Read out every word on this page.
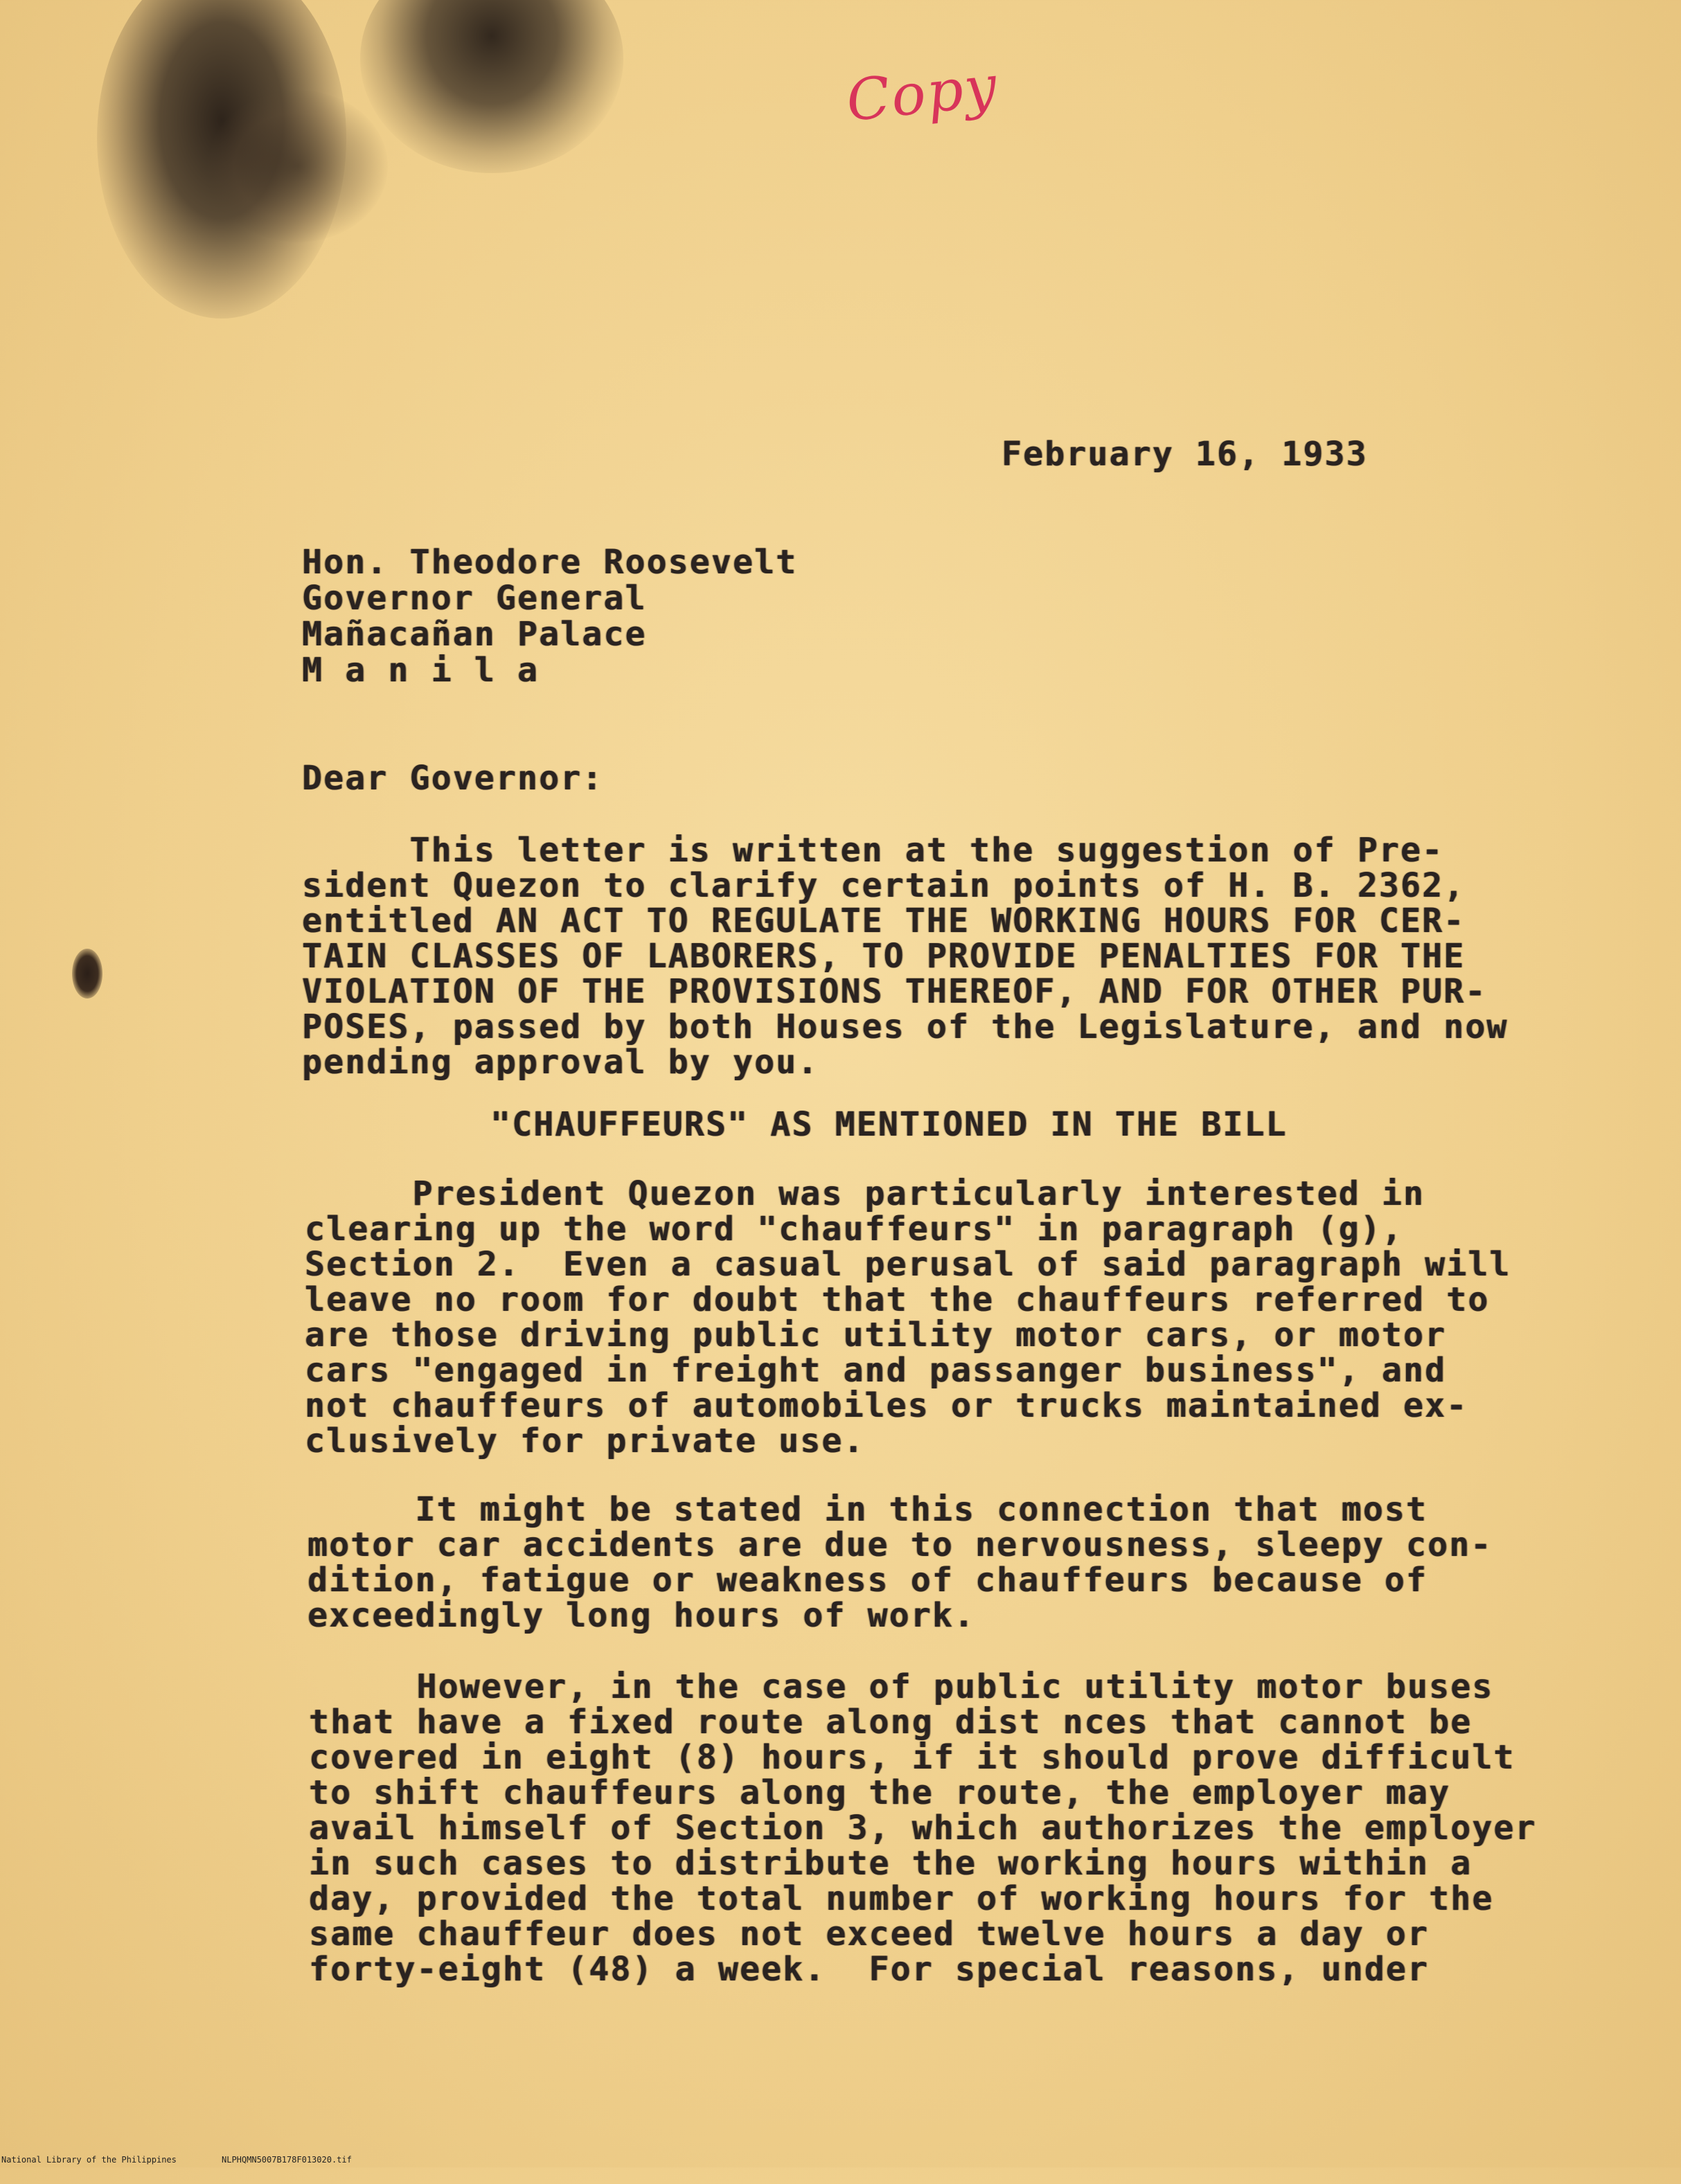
Copy
February 16, 1933
Hon. Theodore Roosevelt
Governor General
Mañacañan Palace
M a n i l a
Dear Governor:
This letter is written at the suggestion of Pre-
sident Quezon to clarify certain points of H. B. 2362,
entitled AN ACT TO REGULATE THE WORKING HOURS FOR CER-
TAIN CLASSES OF LABORERS, TO PROVIDE PENALTIES FOR THE
VIOLATION OF THE PROVISIONS THEREOF, AND FOR OTHER PUR-
POSES, passed by both Houses of the Legislature, and now
pending approval by you.
"CHAUFFEURS" AS MENTIONED IN THE BILL
President Quezon was particularly interested in
clearing up the word "chauffeurs" in paragraph (g),
Section 2.  Even a casual perusal of said paragraph will
leave no room for doubt that the chauffeurs referred to
are those driving public utility motor cars, or motor
cars "engaged in freight and passanger business", and
not chauffeurs of automobiles or trucks maintained ex-
clusively for private use.
It might be stated in this connection that most
motor car accidents are due to nervousness, sleepy con-
dition, fatigue or weakness of chauffeurs because of
exceedingly long hours of work.
However, in the case of public utility motor buses
that have a fixed route along dist nces that cannot be
covered in eight (8) hours, if it should prove difficult
to shift chauffeurs along the route, the employer may
avail himself of Section 3, which authorizes the employer
in such cases to distribute the working hours within a
day, provided the total number of working hours for the
same chauffeur does not exceed twelve hours a day or
forty-eight (48) a week.  For special reasons, under

National Library of the Philippines

	NLPHQMN5007B178F013020.tif
